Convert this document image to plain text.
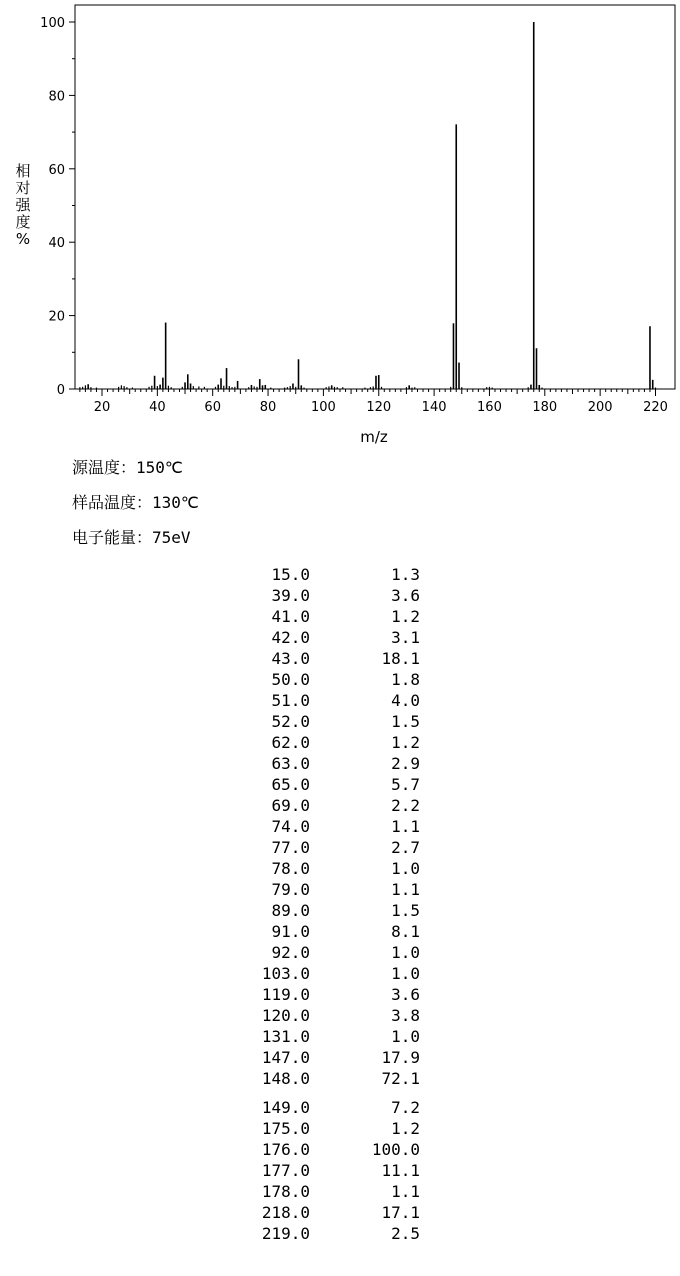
0
20
40
60
80
100
20	40	60	80	100 120 140 160 180 200 220
m/z
相
对
强
度
%
源温度：150℃
样品温度：130℃
电子能量：75eV
15.0	1.3
39.0	3.6
41.0	1.2
42.0	3.1
43.0	18.1
50.0	1.8
51.0	4.0
52.0	1.5
62.0	1.2
63.0	2.9
65.0	5.7
69.0	2.2
74.0	1.1
77.0	2.7
78.0	1.0
79.0	1.1
89.0	1.5
91.0	8.1
92.0	1.0
103.0	1.0
119.0	3.6
120.0	3.8
131.0	1.0
147.0	17.9
148.0	72.1
149.0	7.2
175.0	1.2
176.0	100.0
177.0	11.1
178.0	1.1
218.0	17.1
219.0	2.5
